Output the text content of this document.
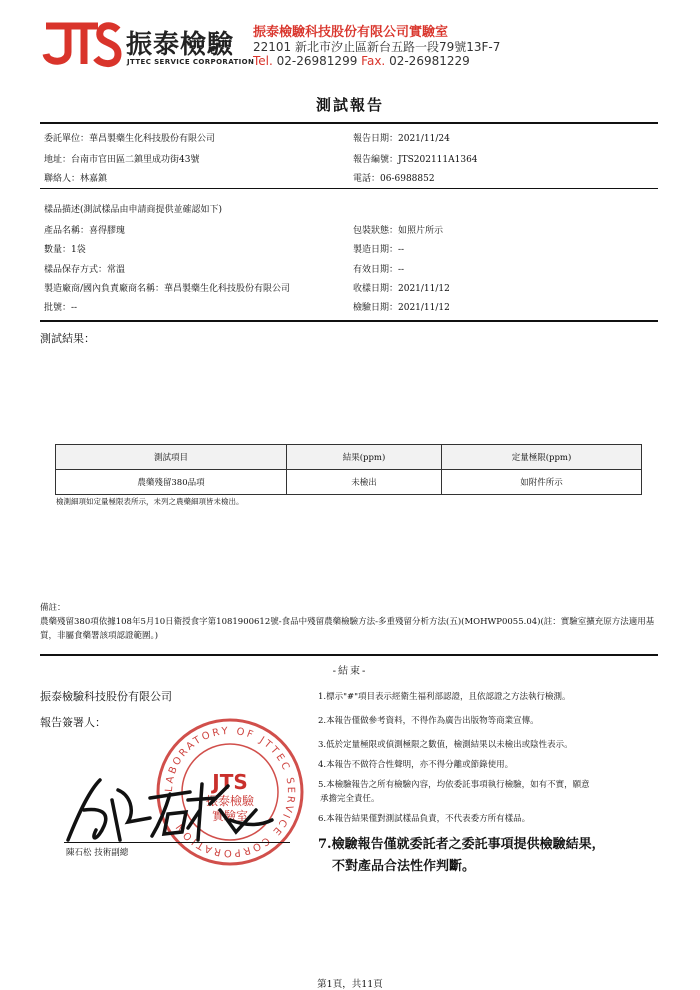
振泰檢驗
JTTEC SERVICE CORPORATION
振泰檢驗科技股份有限公司實驗室
22101 新北市汐止區新台五路一段79號13F-7
Tel. 02-26981299 Fax. 02-26981229
測試報告
委託單位：華昌製藥生化科技股份有限公司	報告日期：2021/11/24
地址：台南市官田區二鎮里成功街43號	報告編號：JTS202111A1364
聯絡人：林嘉鎮	電話：06-6988852
樣品描述(測試樣品由申請商提供並確認如下)
產品名稱：喜得膠瑰	包裝狀態：如照片所示
數量：1袋	製造日期：--
樣品保存方式：常溫	有效日期：--
製造廠商/國內負責廠商名稱：華昌製藥生化科技股份有限公司	收樣日期：2021/11/12
批號：--	檢驗日期：2021/11/12
測試結果：
測試項目	結果(ppm)	定量極限(ppm)
農藥殘留380品項	未檢出	如附件所示
檢測細項如定量極限表所示，未列之農藥細項皆未檢出。
備註：
農藥殘留380項依據108年5月10日衛授食字第1081900612號-食品中殘留農藥檢驗方法-多重殘留分析方法(五)(MOHWP0055.04)(註：實驗室擴充原方法適用基質，非屬食藥署該項認證範圍。)
-結束-
振泰檢驗科技股份有限公司
報告簽署人：
LABORATORY OF JTTEC SERVICE CORPORATION
JTS
振泰檢驗
實驗室
陳石松 技術副總
1.標示"#"項目表示經衛生福利部認證，且依認證之方法執行檢測。
2.本報告僅做參考資料，不得作為廣告出版物等商業宣傳。
3.低於定量極限或偵測極限之數值，檢測結果以未檢出或陰性表示。
4.本報告不做符合性聲明，亦不得分離或節錄使用。
5.本檢驗報告之所有檢驗內容，均依委託事項執行檢驗，如有不實，願意
承擔完全責任。
6.本報告結果僅對測試樣品負責，不代表委方所有樣品。
7.檢驗報告僅就委託者之委託事項提供檢驗結果，
不對產品合法性作判斷。
第1頁，共11頁
